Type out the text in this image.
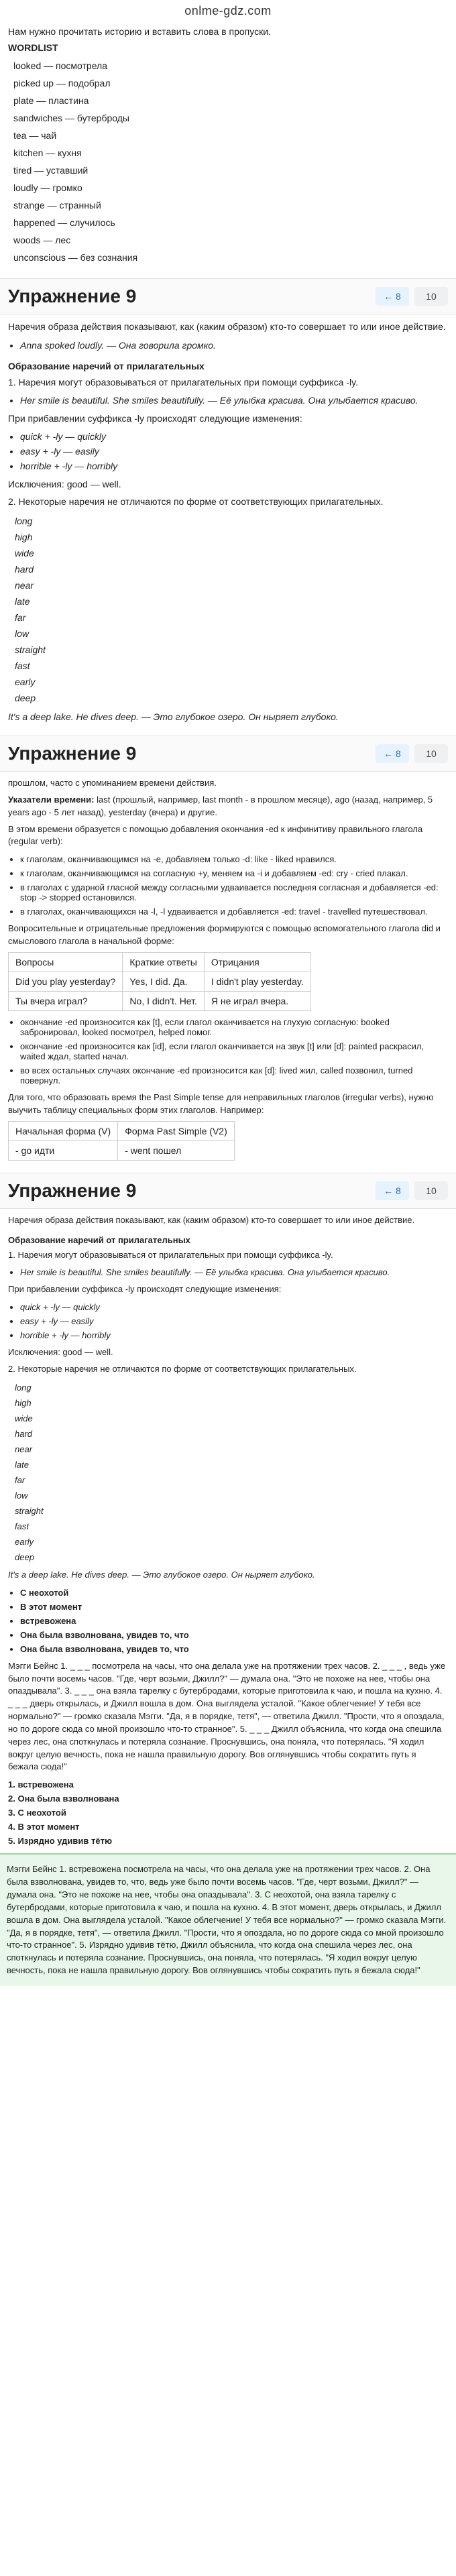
onlme-gdz.com

Нам нужно прочитать историю и вставить слова в пропуски.

WORDLIST
looked — посмотрела
picked up — подобрал
plate — пластина
sandwiches — бутерброды
tea — чай
kitchen — кухня
tired — уставший
loudly — громко
strange — странный
happened — случилось
woods — лес
unconscious — без сознания
Упражнение 9	← 8	10

Наречия образа действия показывают, как (каким образом) кто-то совершает то или иное действие.

• Anna spoked loudly. — Она говорила громко.
Образование наречий от прилагательных

1. Наречия могут образовываться от прилагательных при помощи суффикса -ly.

• Her smile is beautiful. She smiles beautifully. — Её улыбка красива. Она улыбается красиво.

При прибавлении суффикса -ly происходят следующие изменения:

• quick + -ly — quickly
• easy + -ly — easily
• horrible + -ly — horribly

Исключения: good — well.

2. Некоторые наречия не отличаются по форме от соответствующих прилагательных.

long
high
wide
hard
near
late
far
low
straight
fast
early
deep

It's a deep lake. He dives deep. — Это глубокое озеро. Он ныряет глубоко.

Упражнение 9	← 8	10

прошлом, часто с упоминанием времени действия.

Указатели времени: last (прошлый, например, last month - в прошлом месяце), ago (назад, например, 5 years ago - 5 лет назад), yesterday (вчера) и другие.

В этом времени образуется с помощью добавления окончания -ed к инфинитиву правильного глагола (regular verb):

• к глаголам, оканчивающимся на -e, добавляем только -d: like - liked нравился.
• к глаголам, оканчивающимся на согласную +y, меняем на -i и добавляем -ed: cry - cried плакал.
• в глаголах с ударной гласной между согласными удваивается последняя согласная и добавляется -ed: stop -> stopped остановился.
• в глаголах, оканчивающихся на -l, -l удваивается и добавляется -ed: travel - travelled путешествовал.

Вопросительные и отрицательные предложения формируются с помощью вспомогательного глагола did и смыслового глагола в начальной форме:

Вопросы	Краткие ответы	Отрицания
Did you play yesterday?	Yes, I did. Да.	I didn't play yesterday.
Ты вчера играл?	No, I didn't. Нет.	Я не играл вчера.
• окончание -ed произносится как [t], если глагол оканчивается на глухую согласную: booked забронировал, looked посмотрел, helped помог.
• окончание -ed произносится как [id], если глагол оканчивается на звук [t] или [d]: painted раскрасил, waited ждал, started начал.
• во всех остальных случаях окончание -ed произносится как [d]: lived жил, called позвонил, turned повернул.

Для того, что образовать время the Past Simple tense для неправильных глаголов (irregular verbs), нужно выучить таблицу специальных форм этих глаголов. Например:

Начальная форма (V)	Форма Past Simple (V2)
- go идти	- went пошел
Упражнение 9	← 8	10

Наречия образа действия показывают, как (каким образом) кто-то совершает то или иное действие.

Образование наречий от прилагательных

1. Наречия могут образовываться от прилагательных при помощи суффикса -ly.

• Her smile is beautiful. She smiles beautifully. — Её улыбка красива. Она улыбается красиво.

При прибавлении суффикса -ly происходят следующие изменения:

• quick + -ly — quickly
• easy + -ly — easily
• horrible + -ly — horribly

Исключения: good — well.

2. Некоторые наречия не отличаются по форме от соответствующих прилагательных.

long
high
wide
hard
near
late
far
low
straight
fast
early
deep

It's a deep lake. He dives deep. — Это глубокое озеро. Он ныряет глубоко.

• С неохотой
• В этот момент
• встревожена
• Она была взволнована, увидев то, что
• Она была взволнована, увидев то, что

Мэгги Бейнс 1. _ _ _ посмотрела на часы, что она делала уже на протяжении трех часов. 2. _ _ _ , ведь уже было почти восемь часов. "Где, черт возьми, Джилл?" — думала она. "Это не похоже на нее, чтобы она опаздывала". 3. _ _ _ она взяла тарелку с бутербродами, которые приготовила к чаю, и пошла на кухню. 4. _ _ _ дверь открылась, и Джилл вошла в дом. Она выглядела усталой. "Какое облегчение! У тебя все нормально?" — громко сказала Мэгги. "Да, я в порядке, тетя", — ответила Джилл. "Прости, что я опоздала, но по дороге сюда со мной произошло что-то странное". 5. _ _ _ Джилл объяснила, что когда она спешила через лес, она споткнулась и потеряла сознание. Проснувшись, она поняла, что потерялась. "Я ходил вокруг целую вечность, пока не нашла правильную дорогу. Вов оглянувшись чтобы сократить путь я бежала сюда!"

1. встревожена
2. Она была взволнована
3. С неохотой
4. В этот момент
5. Изрядно удивив тётю

Мэгги Бейнс 1. встревожена посмотрела на часы, что она делала уже на протяжении трех часов. 2. Она была взволнована, увидев то, что, ведь уже было почти восемь часов. "Где, черт возьми, Джилл?" — думала она. "Это не похоже на нее, чтобы она опаздывала". 3. С неохотой, она взяла тарелку с бутербродами, которые приготовила к чаю, и пошла на кухню. 4. В этот момент, дверь открылась, и Джилл вошла в дом. Она выглядела усталой. "Какое облегчение! У тебя все нормально?" — громко сказала Мэгги. "Да, я в порядке, тетя", — ответила Джилл. "Прости, что я опоздала, но по дороге сюда со мной произошло что-то странное". 5. Изрядно удивив тётю, Джилл объяснила, что когда она спешила через лес, она споткнулась и потеряла сознание. Проснувшись, она поняла, что потерялась. "Я ходил вокруг целую вечность, пока не нашла правильную дорогу. Вов оглянувшись чтобы сократить путь я бежала сюда!"
